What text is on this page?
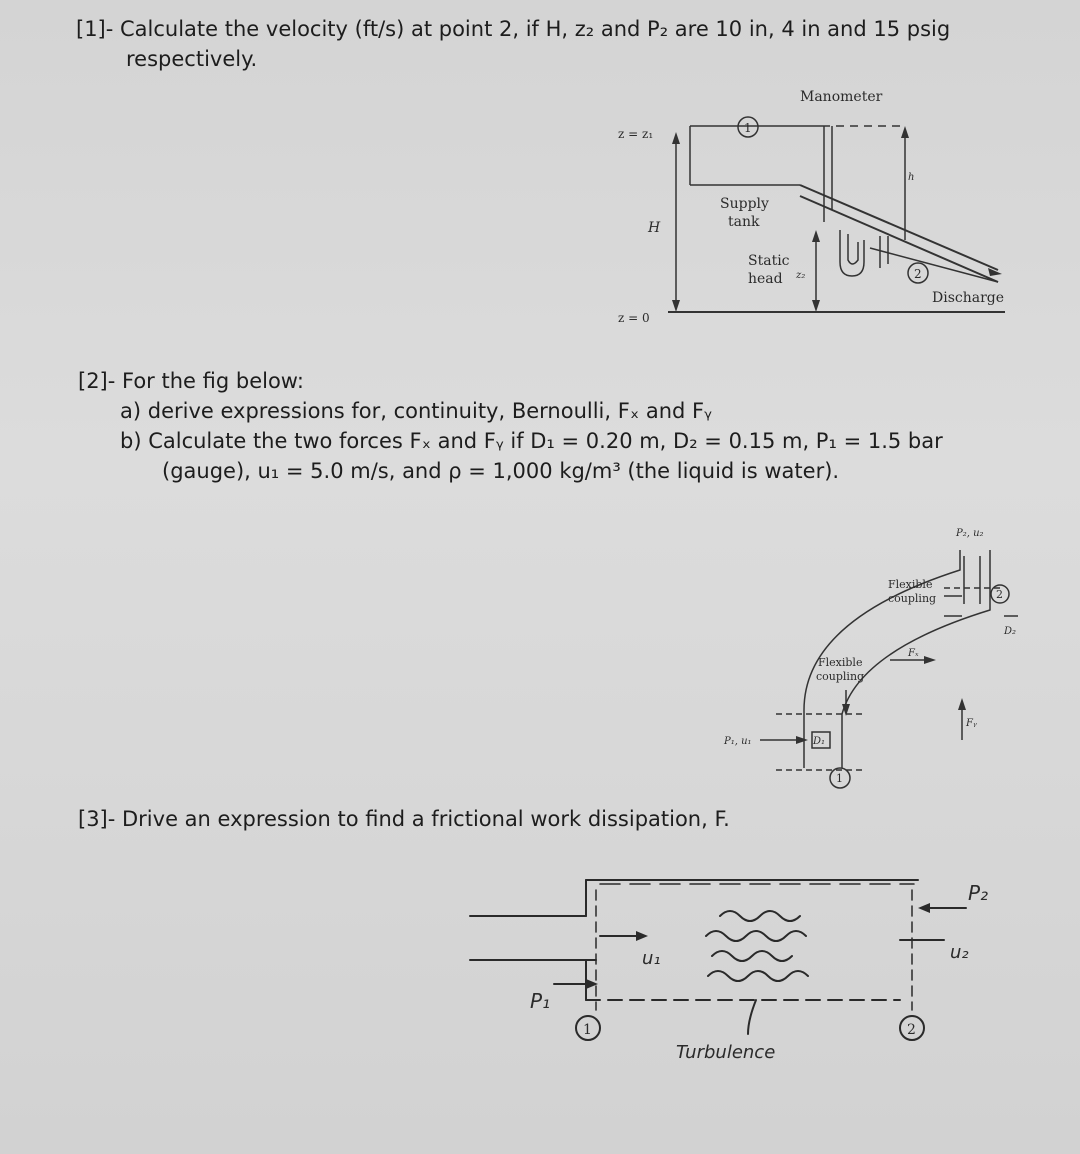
[1]- Calculate the velocity (ft/s) at point 2, if H, z₂ and P₂ are 10 in, 4 in and 15 psig
respectively.
Manometer
Supply
tank
Static
head
Discharge
H
z = z₁
z = 0
h
z₂
1
2
[2]- For the fig below:
a) derive expressions for, continuity, Bernoulli, Fₓ and Fᵧ
b) Calculate the two forces Fₓ and Fᵧ if D₁ = 0.20 m, D₂ = 0.15 m, P₁ = 1.5 bar
(gauge), u₁ = 5.0 m/s, and ρ = 1,000 kg/m³ (the liquid is water).
Flexible
coupling
Flexible
coupling
P₂, u₂
P₁, u₁	D₁
D₂
Fₓ
Fᵧ
1
2
[3]- Drive an expression to find a frictional work dissipation, F.
P₁
u₁
P₂
u₂
Turbulence
1	2
